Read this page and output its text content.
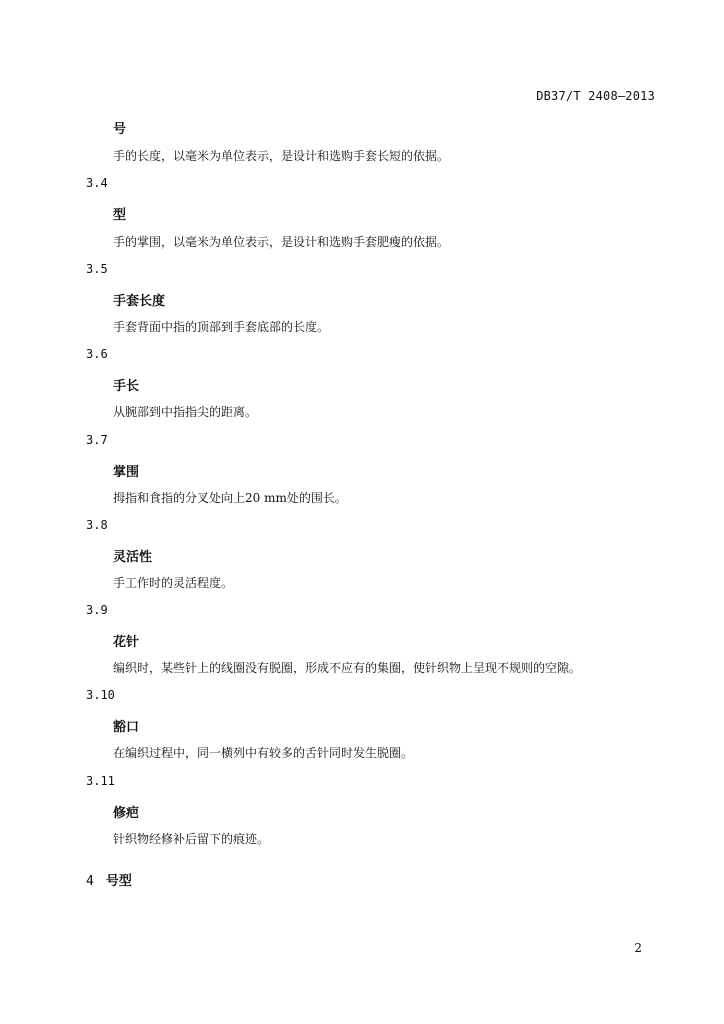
DB37/T 2408—2013
号
手的长度，以毫米为单位表示，是设计和选购手套长短的依据。
3.4
型
手的掌围，以毫米为单位表示，是设计和选购手套肥瘦的依据。
3.5
手套长度
手套背面中指的顶部到手套底部的长度。
3.6
手长
从腕部到中指指尖的距离。
3.7
掌围
拇指和食指的分叉处向上20 mm处的围长。
3.8
灵活性
手工作时的灵活程度。
3.9
花针
编织时，某些针上的线圈没有脱圈，形成不应有的集圈，使针织物上呈现不规则的空隙。
3.10
豁口
在编织过程中，同一横列中有较多的舌针同时发生脱圈。
3.11
修疤
针织物经修补后留下的痕迹。
4 号型
2
